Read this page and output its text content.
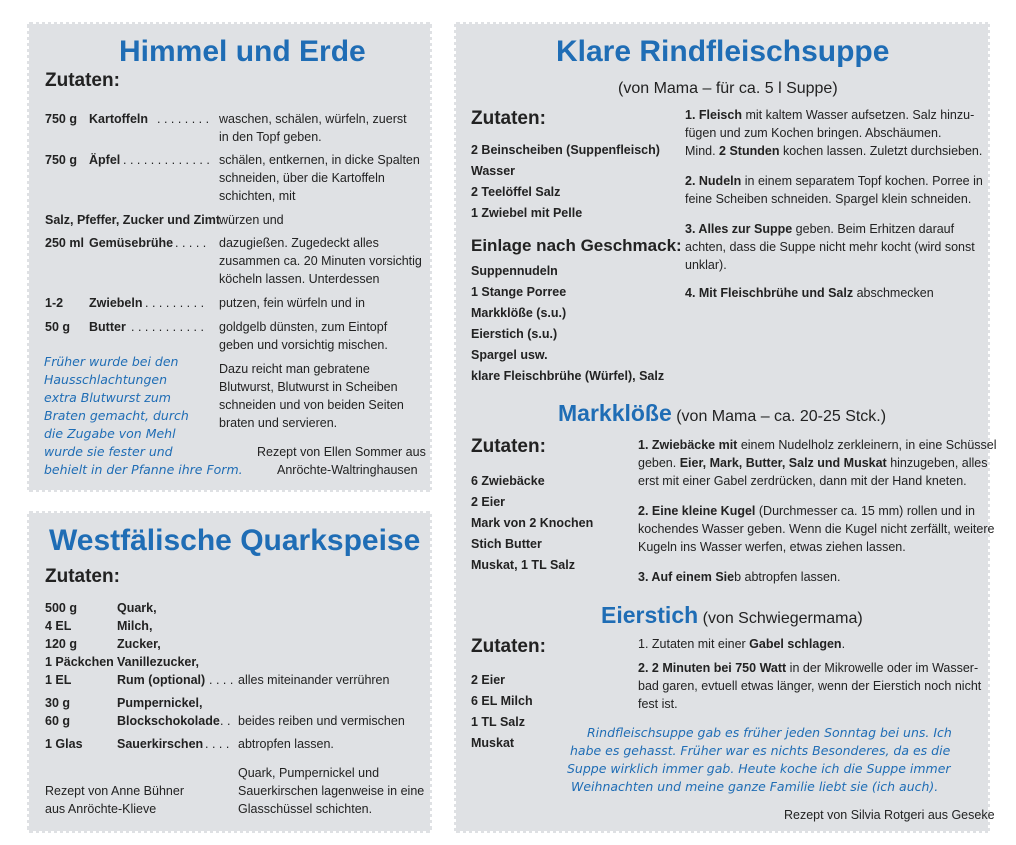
Himmel und Erde
Zutaten:
750 g Kartoffeln . . . . . . . . waschen, schälen, würfeln, zuerst
in den Topf geben.
750 g Äpfel . . . . . . . . . . . . . schälen, entkernen, in dicke Spalten
schneiden, über die Kartoffeln
schichten, mit
Salz, Pfeffer, Zucker und Zimt
würzen und
250 ml Gemüsebrühe . . . . . dazugießen. Zugedeckt alles
zusammen ca. 20 Minuten vorsichtig
köcheln lassen. Unterdessen
1-2 Zwiebeln . . . . . . . . . putzen, fein würfeln und in
50 g Butter . . . . . . . . . . . goldgelb dünsten, zum Eintopf
geben und vorsichtig mischen.
Dazu reicht man gebratene
Blutwurst, Blutwurst in Scheiben
schneiden und von beiden Seiten
braten und servieren.
Früher wurde bei den
Hausschlachtungen
extra Blutwurst zum
Braten gemacht, durch
die Zugabe von Mehl
wurde sie fester und
behielt in der Pfanne ihre Form.
Rezept von Ellen Sommer aus
Anröchte-Waltringhausen
Westfälische Quarkspeise
Zutaten:
500 g	Quark,
4 EL	Milch,
120 g	Zucker,
1 Päckchen Vanillezucker,
1 EL	Rum (optional) . . . . alles miteinander verrühren
30 g	Pumpernickel,
60 g	Blockschokolade . . beides reiben und vermischen
1 Glas	Sauerkirschen . . . . abtropfen lassen.
Quark, Pumpernickel und
Sauerkirschen lagenweise in eine
Glasschüssel schichten.
Rezept von Anne Bühner
aus Anröchte-Klieve
Klare Rindfleischsuppe
(von Mama – für ca. 5 l Suppe)
Zutaten:
2 Beinscheiben (Suppenfleisch)
Wasser
2 Teelöffel Salz
1 Zwiebel mit Pelle
Einlage nach Geschmack:
Suppennudeln
1 Stange Porree
Markklöße (s.u.)
Eierstich (s.u.)
Spargel usw.
klare Fleischbrühe (Würfel), Salz
1. Fleisch mit kaltem Wasser aufsetzen. Salz hinzu-
fügen und zum Kochen bringen. Abschäumen.
Mind. 2 Stunden kochen lassen. Zuletzt durchsieben.
2. Nudeln in einem separatem Topf kochen. Porree in
feine Scheiben schneiden. Spargel klein schneiden.
3. Alles zur Suppe geben. Beim Erhitzen darauf
achten, dass die Suppe nicht mehr kocht (wird sonst
unklar).
4. Mit Fleischbrühe und Salz abschmecken
Markklöße (von Mama – ca. 20-25 Stck.)
Zutaten:
6 Zwiebäcke
2 Eier
Mark von 2 Knochen
Stich Butter
Muskat, 1 TL Salz
1. Zwiebäcke mit einem Nudelholz zerkleinern, in eine Schüssel
geben. Eier, Mark, Butter, Salz und Muskat hinzugeben, alles
erst mit einer Gabel zerdrücken, dann mit der Hand kneten.
2. Eine kleine Kugel (Durchmesser ca. 15 mm) rollen und in
kochendes Wasser geben. Wenn die Kugel nicht zerfällt, weitere
Kugeln ins Wasser werfen, etwas ziehen lassen.
3. Auf einem Sieb abtropfen lassen.
Eierstich (von Schwiegermama)
Zutaten:
2 Eier
6 EL Milch
1 TL Salz
Muskat
1. Zutaten mit einer Gabel schlagen.
2. 2 Minuten bei 750 Watt in der Mikrowelle oder im Wasser-
bad garen, evtuell etwas länger, wenn der Eierstich noch nicht
fest ist.
Rindfleischsuppe gab es früher jeden Sonntag bei uns. Ich
habe es gehasst. Früher war es nichts Besonderes, da es die
Suppe wirklich immer gab. Heute koche ich die Suppe immer
Weihnachten und meine ganze Familie liebt sie (ich auch).
Rezept von Silvia Rotgeri aus Geseke
